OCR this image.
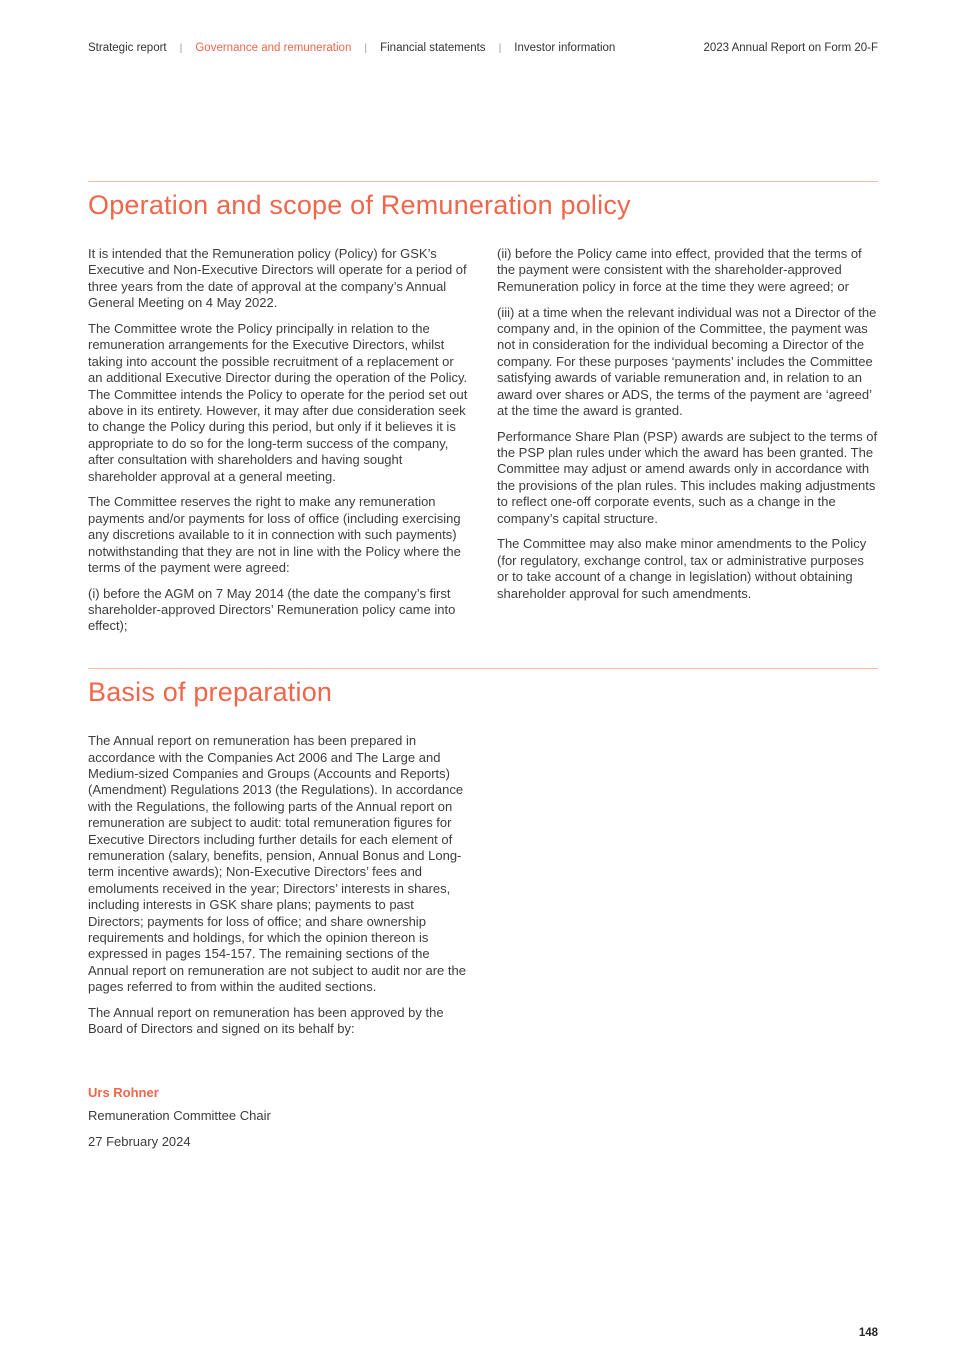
Strategic report | Governance and remuneration | Financial statements | Investor information	2023 Annual Report on Form 20-F
Operation and scope of Remuneration policy

It is intended that the Remuneration policy (Policy) for GSK’s Executive and Non-Executive Directors will operate for a period of three years from the date of approval at the company’s Annual General Meeting on 4 May 2022.

The Committee wrote the Policy principally in relation to the remuneration arrangements for the Executive Directors, whilst taking into account the possible recruitment of a replacement or an additional Executive Director during the operation of the Policy. The Committee intends the Policy to operate for the period set out above in its entirety. However, it may after due consideration seek to change the Policy during this period, but only if it believes it is appropriate to do so for the long-term success of the company, after consultation with shareholders and having sought shareholder approval at a general meeting.

The Committee reserves the right to make any remuneration payments and/or payments for loss of office (including exercising any discretions available to it in connection with such payments) notwithstanding that they are not in line with the Policy where the terms of the payment were agreed:

(i) before the AGM on 7 May 2014 (the date the company’s first shareholder-approved Directors’ Remuneration policy came into effect);

(ii) before the Policy came into effect, provided that the terms of the payment were consistent with the shareholder-approved Remuneration policy in force at the time they were agreed; or

(iii) at a time when the relevant individual was not a Director of the company and, in the opinion of the Committee, the payment was not in consideration for the individual becoming a Director of the company. For these purposes ‘payments’ includes the Committee satisfying awards of variable remuneration and, in relation to an award over shares or ADS, the terms of the payment are ‘agreed’ at the time the award is granted.

Performance Share Plan (PSP) awards are subject to the terms of the PSP plan rules under which the award has been granted. The Committee may adjust or amend awards only in accordance with the provisions of the plan rules. This includes making adjustments to reflect one-off corporate events, such as a change in the company’s capital structure.

The Committee may also make minor amendments to the Policy (for regulatory, exchange control, tax or administrative purposes or to take account of a change in legislation) without obtaining shareholder approval for such amendments.

Basis of preparation

The Annual report on remuneration has been prepared in accordance with the Companies Act 2006 and The Large and Medium-sized Companies and Groups (Accounts and Reports) (Amendment) Regulations 2013 (the Regulations). In accordance with the Regulations, the following parts of the Annual report on remuneration are subject to audit: total remuneration figures for Executive Directors including further details for each element of remuneration (salary, benefits, pension, Annual Bonus and Long-term incentive awards); Non-Executive Directors’ fees and emoluments received in the year; Directors’ interests in shares, including interests in GSK share plans; payments to past Directors; payments for loss of office; and share ownership requirements and holdings, for which the opinion thereon is expressed in pages 154-157. The remaining sections of the Annual report on remuneration are not subject to audit nor are the pages referred to from within the audited sections.

The Annual report on remuneration has been approved by the Board of Directors and signed on its behalf by:

Urs Rohner
Remuneration Committee Chair
27 February 2024
148
